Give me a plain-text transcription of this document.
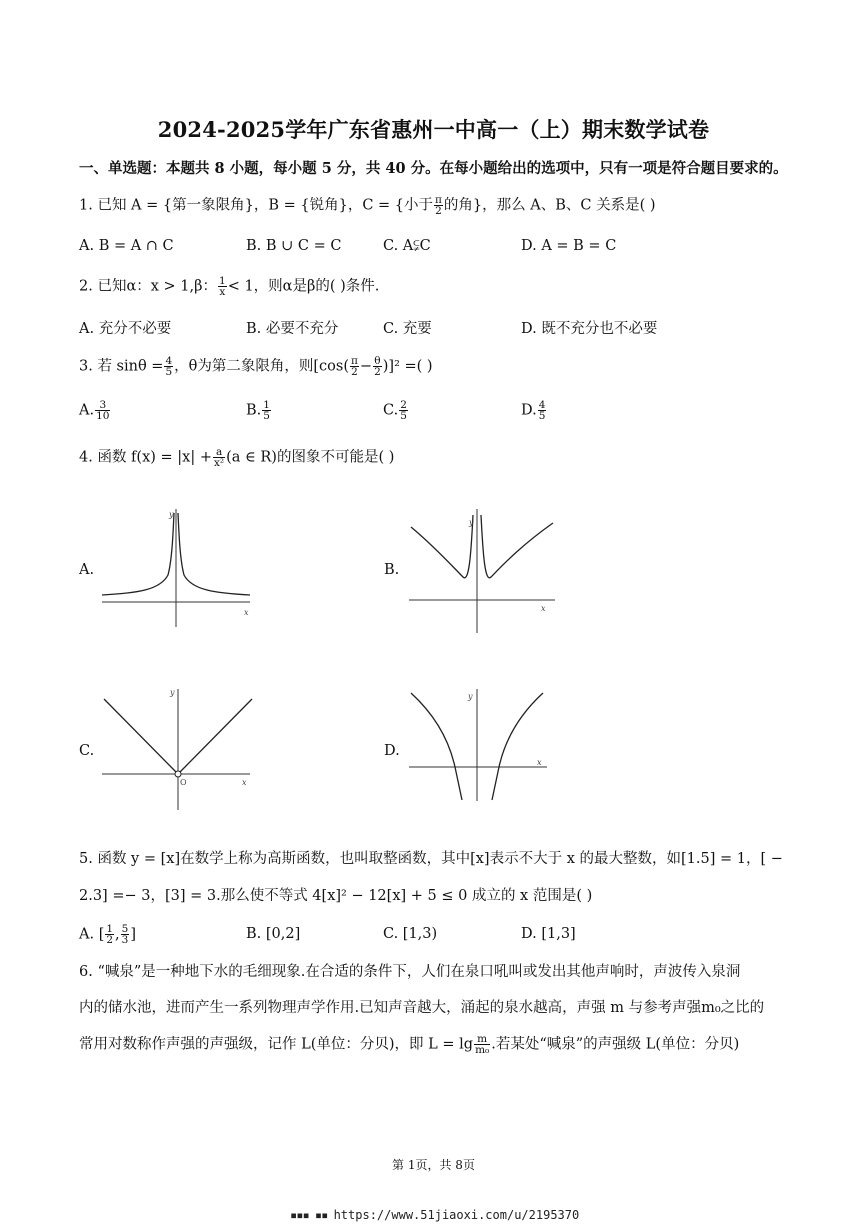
2024-2025学年广东省惠州一中高一（上）期末数学试卷
一、单选题：本题共 8 小题，每小题 5 分，共 40 分。在每小题给出的选项中，只有一项是符合题目要求的。
1. 已知 A = {第一象限角}，B = {锐角}，C = {小于 $\frac{\pi}{2}$ 的角}，那么 A、B、C 关系是( )
A. B = A ∩ C	B. B ∪ C = C	C. A⫋C	D. A = B = C
2. 已知α：x > 1,β： $\frac{1}{x} < 1$，则α是β的( )条件.
A. 充分不必要	B. 必要不充分	C. 充要	D. 既不充分也不必要
3. 若 $\sin\theta = \frac{4}{5}$ ，θ为第二象限角，则$[\cos( \frac{\pi}{2} - \frac{\theta}{2} )]^2$ =( )
A. $\frac{3}{10}$	B. $\frac{1}{5}$	C. $\frac{2}{5}$	D. $\frac{4}{5}$
4. 函数 $f(x) = |x| + \frac{a}{\text{x²}} (a$ ∈ R)的图象不可能是( )
A.	B.
C.	D.
x
y
x
y
x
y
O
x
y
5. 函数 y = [x]在数学上称为高斯函数，也叫取整函数，其中[x]表示不大于 x 的最大整数，如[1.5] = 1，[ −
2.3] =− 3，[3] = 3.那么使不等式 4[x]² − 12[x] + 5 ≤ 0 成立的 x 范围是( )
A. [ $\frac{1}{2}$ , $\frac{5}{3}$ ]	B. [0,2]	C. [1,3)	D. [1,3]
6. “喊泉”是一种地下水的毛细现象.在合适的条件下，人们在泉口吼叫或发出其他声响时，声波传入泉洞
内的储水池，进而产生一系列物理声学作用.已知声音越大，涌起的泉水越高，声强 m 与参考声强m₀之比的
常用对数称作声强的声强级，记作 L(单位：分贝)，即 $L = \lg \frac{m}{\text{m₀}}$ .若某处“喊泉”的声强级 L(单位：分贝)
第 1页，共 8页
▪▪▪ ▪▪ https://www.51jiaoxi.com/u/2195370
